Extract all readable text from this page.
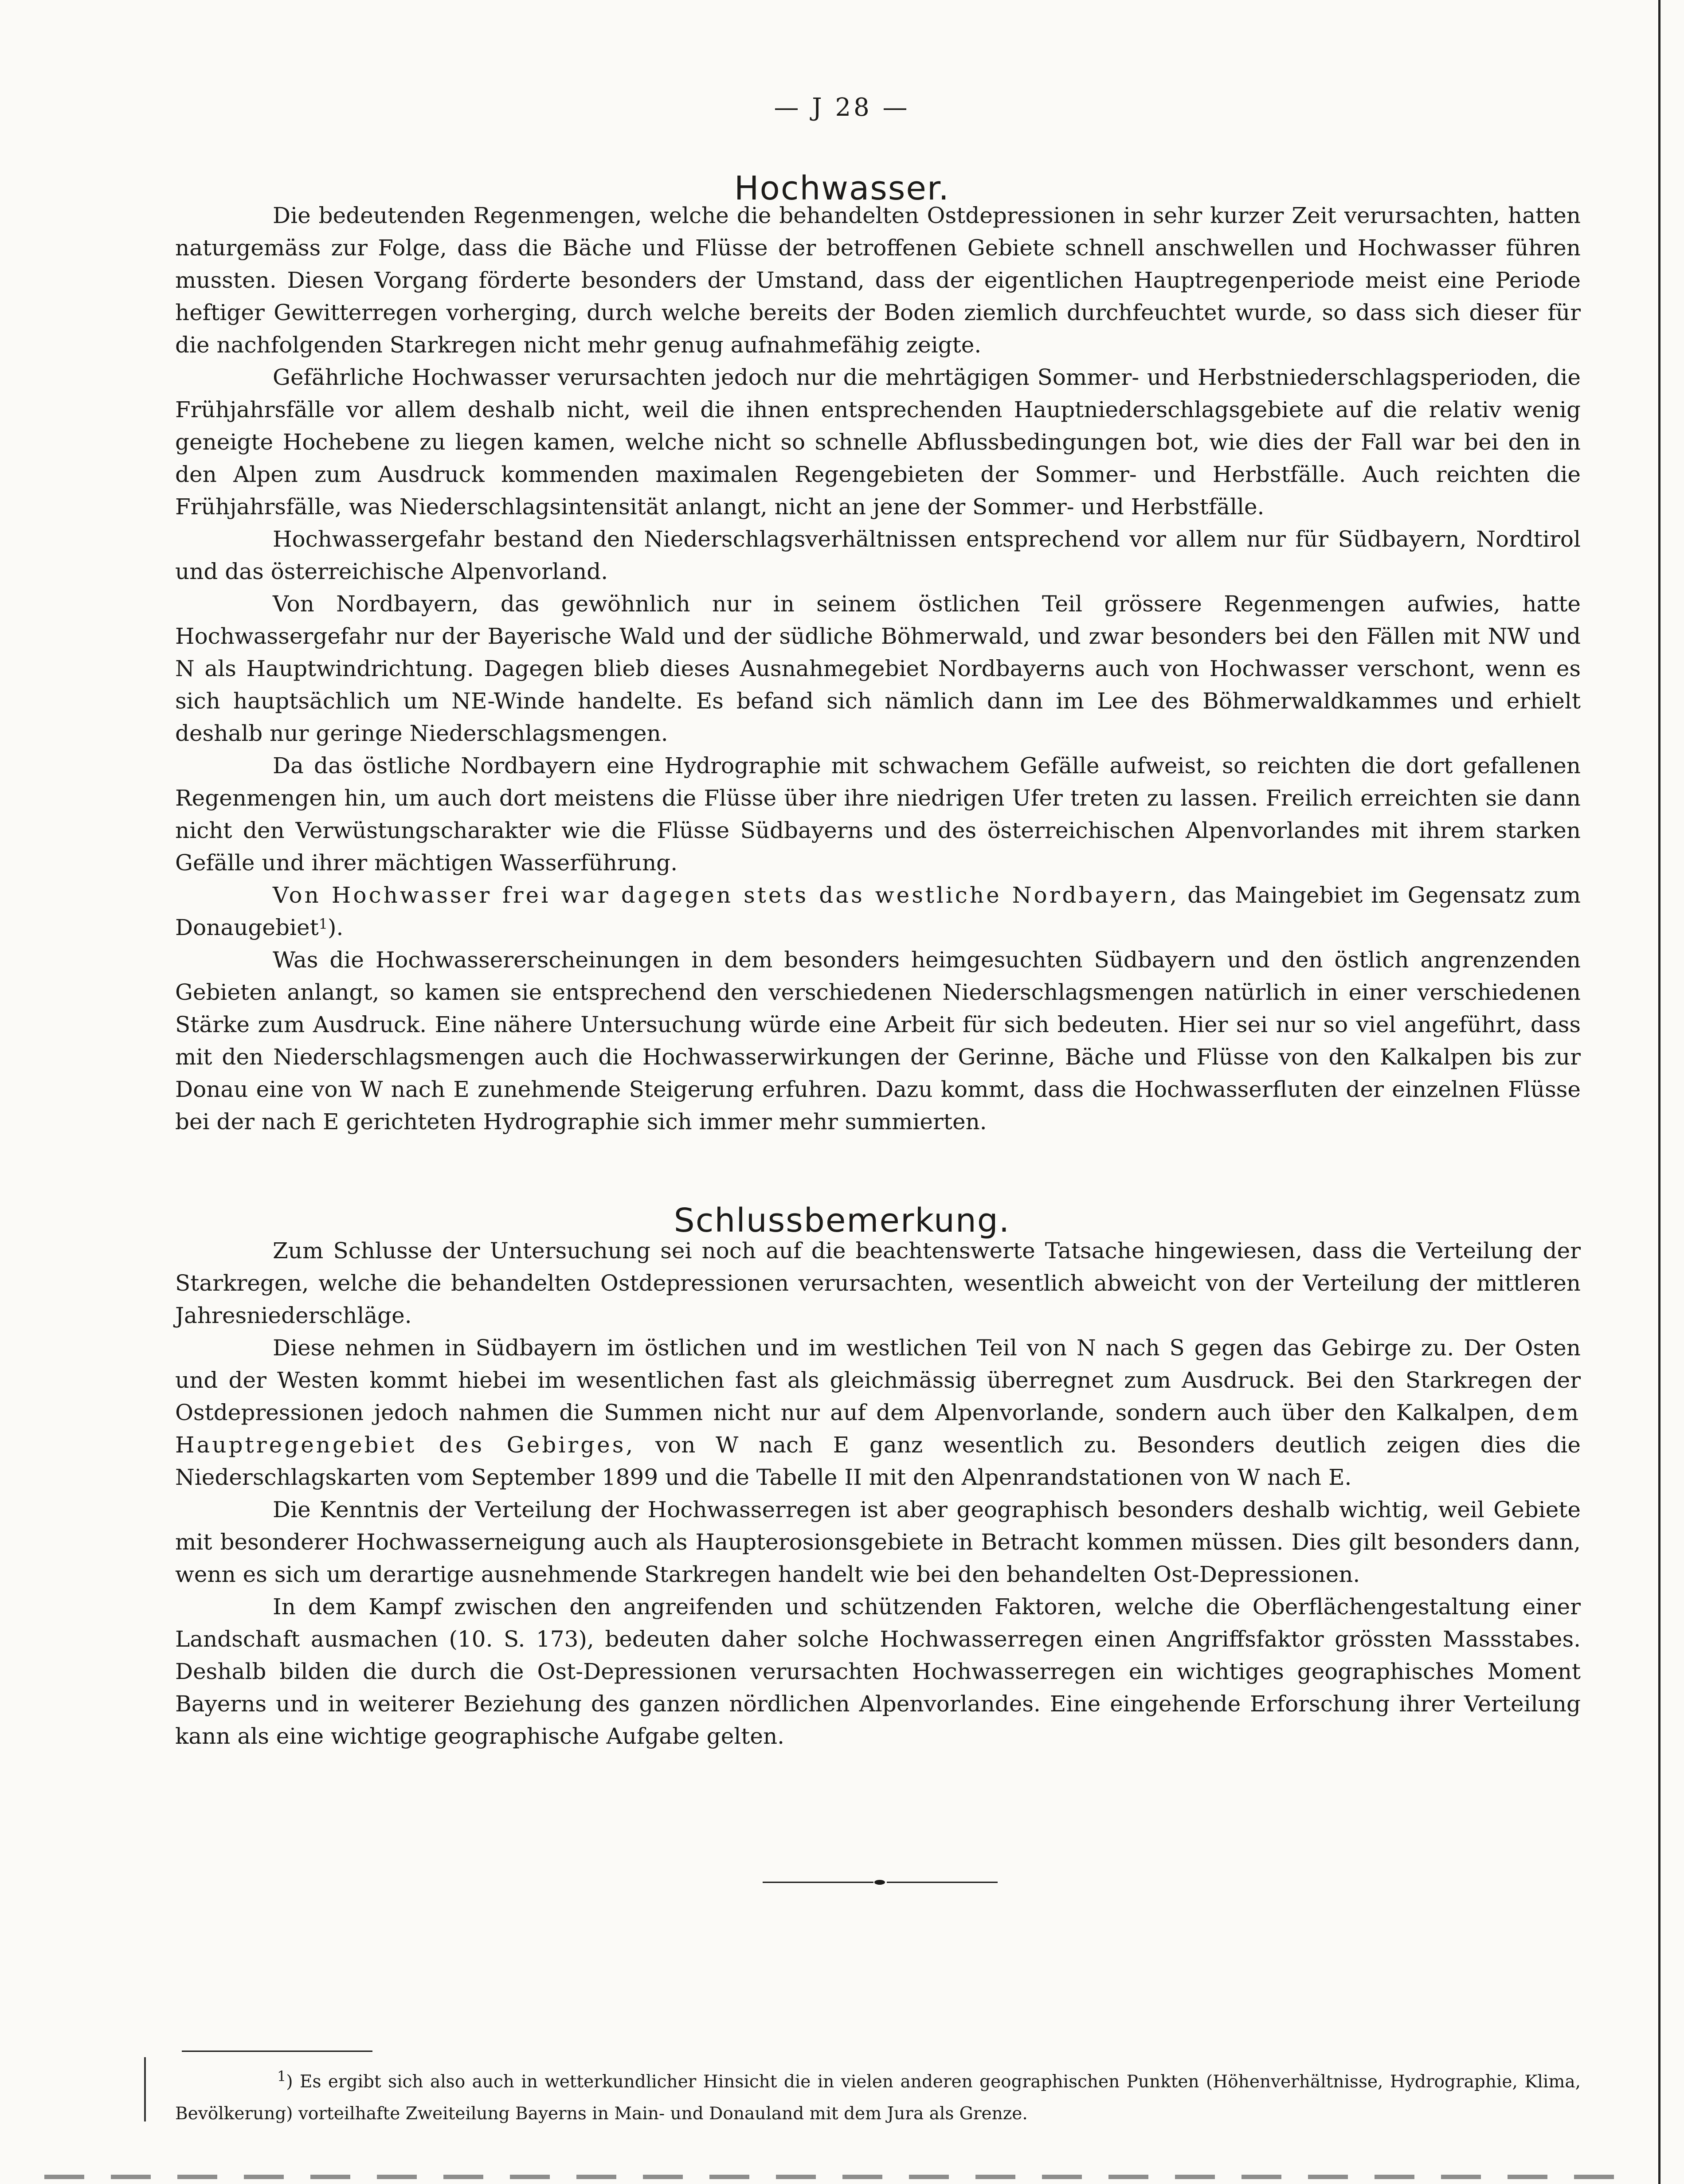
— J 28 —
Hochwasser.

Die bedeutenden Regenmengen, welche die behandelten Ostdepressionen in sehr kurzer Zeit verursachten, hatten naturgemäss zur Folge, dass die Bäche und Flüsse der betroffenen Gebiete schnell anschwellen und Hochwasser führen mussten. Diesen Vorgang förderte besonders der Umstand, dass der eigentlichen Hauptregenperiode meist eine Periode heftiger Gewitterregen vorherging, durch welche bereits der Boden ziemlich durchfeuchtet wurde, so dass sich dieser für die nachfolgenden Starkregen nicht mehr genug aufnahmefähig zeigte.

Gefährliche Hochwasser verursachten jedoch nur die mehrtägigen Sommer- und Herbstniederschlagsperioden, die Frühjahrsfälle vor allem deshalb nicht, weil die ihnen entsprechenden Hauptniederschlagsgebiete auf die relativ wenig geneigte Hochebene zu liegen kamen, welche nicht so schnelle Abflussbedingungen bot, wie dies der Fall war bei den in den Alpen zum Ausdruck kommenden maximalen Regengebieten der Sommer- und Herbstfälle. Auch reichten die Frühjahrsfälle, was Niederschlagsintensität anlangt, nicht an jene der Sommer- und Herbstfälle.

Hochwassergefahr bestand den Niederschlagsverhältnissen entsprechend vor allem nur für Südbayern, Nordtirol und das österreichische Alpenvorland.

Von Nordbayern, das gewöhnlich nur in seinem östlichen Teil grössere Regenmengen aufwies, hatte Hochwassergefahr nur der Bayerische Wald und der südliche Böhmerwald, und zwar besonders bei den Fällen mit NW und N als Hauptwindrichtung. Dagegen blieb dieses Ausnahmegebiet Nordbayerns auch von Hochwasser verschont, wenn es sich hauptsächlich um NE-Winde handelte. Es befand sich nämlich dann im Lee des Böhmerwaldkammes und erhielt deshalb nur geringe Niederschlagsmengen.

Da das östliche Nordbayern eine Hydrographie mit schwachem Gefälle aufweist, so reichten die dort gefallenen Regenmengen hin, um auch dort meistens die Flüsse über ihre niedrigen Ufer treten zu lassen. Freilich erreichten sie dann nicht den Verwüstungscharakter wie die Flüsse Südbayerns und des österreichischen Alpenvorlandes mit ihrem starken Gefälle und ihrer mächtigen Wasserführung.

Von Hochwasser frei war dagegen stets das westliche Nordbayern, das Maingebiet im Gegensatz zum Donaugebiet$^1$).

Was die Hochwassererscheinungen in dem besonders heimgesuchten Südbayern und den östlich angrenzenden Gebieten anlangt, so kamen sie entsprechend den verschiedenen Niederschlagsmengen natürlich in einer verschiedenen Stärke zum Ausdruck. Eine nähere Untersuchung würde eine Arbeit für sich bedeuten. Hier sei nur so viel angeführt, dass mit den Niederschlagsmengen auch die Hochwasserwirkungen der Gerinne, Bäche und Flüsse von den Kalkalpen bis zur Donau eine von W nach E zunehmende Steigerung erfuhren. Dazu kommt, dass die Hochwasserfluten der einzelnen Flüsse bei der nach E gerichteten Hydrographie sich immer mehr summierten.

Schlussbemerkung.

Zum Schlusse der Untersuchung sei noch auf die beachtenswerte Tatsache hingewiesen, dass die Verteilung der Starkregen, welche die behandelten Ostdepressionen verursachten, wesentlich abweicht von der Verteilung der mittleren Jahresniederschläge.

Diese nehmen in Südbayern im östlichen und im westlichen Teil von N nach S gegen das Gebirge zu. Der Osten und der Westen kommt hiebei im wesentlichen fast als gleichmässig überregnet zum Ausdruck. Bei den Starkregen der Ostdepressionen jedoch nahmen die Summen nicht nur auf dem Alpenvorlande, sondern auch über den Kalkalpen, dem Hauptregengebiet des Gebirges, von W nach E ganz wesentlich zu. Besonders deutlich zeigen dies die Niederschlagskarten vom September 1899 und die Tabelle II mit den Alpenrandstationen von W nach E.

Die Kenntnis der Verteilung der Hochwasserregen ist aber geographisch besonders deshalb wichtig, weil Gebiete mit besonderer Hochwasserneigung auch als Haupterosionsgebiete in Betracht kommen müssen. Dies gilt besonders dann, wenn es sich um derartige ausnehmende Starkregen handelt wie bei den behandelten Ost-Depressionen.

In dem Kampf zwischen den angreifenden und schützenden Faktoren, welche die Oberflächengestaltung einer Landschaft ausmachen (10. S. 173), bedeuten daher solche Hochwasserregen einen Angriffsfaktor grössten Massstabes. Deshalb bilden die durch die Ost-Depressionen verursachten Hochwasserregen ein wichtiges geographisches Moment Bayerns und in weiterer Beziehung des ganzen nördlichen Alpenvorlandes. Eine eingehende Erforschung ihrer Verteilung kann als eine wichtige geographische Aufgabe gelten.

$^1$) Es ergibt sich also auch in wetterkundlicher Hinsicht die in vielen anderen geographischen Punkten (Höhenverhältnisse, Hydrographie, Klima, Bevölkerung) vorteilhafte Zweiteilung Bayerns in Main- und Donauland mit dem Jura als Grenze.
